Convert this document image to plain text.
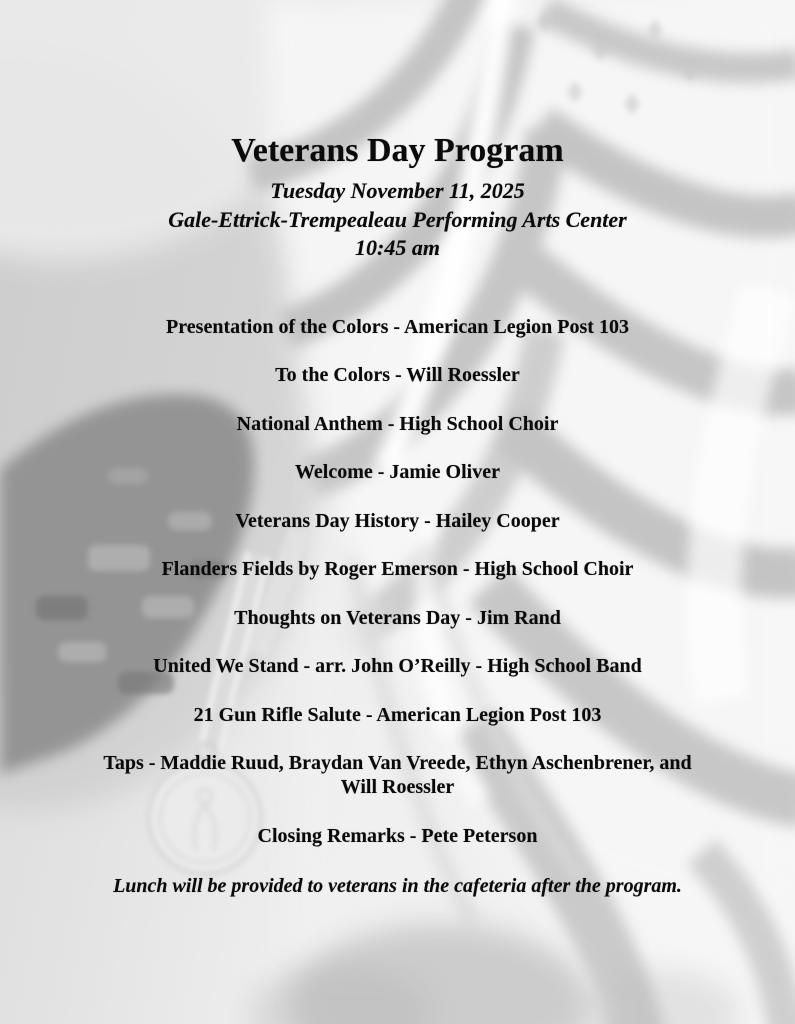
Veterans Day Program

Tuesday November 11, 2025

Gale-Ettrick-Trempealeau Performing Arts Center

10:45 am

Presentation of the Colors - American Legion Post 103

To the Colors - Will Roessler

National Anthem - High School Choir

Welcome - Jamie Oliver

Veterans Day History - Hailey Cooper

Flanders Fields by Roger Emerson - High School Choir

Thoughts on Veterans Day - Jim Rand

United We Stand - arr. John O’Reilly - High School Band

21 Gun Rifle Salute - American Legion Post 103

Taps - Maddie Ruud, Braydan Van Vreede, Ethyn Aschenbrener, and Will Roessler

Closing Remarks - Pete Peterson

Lunch will be provided to veterans in the cafeteria after the program.
